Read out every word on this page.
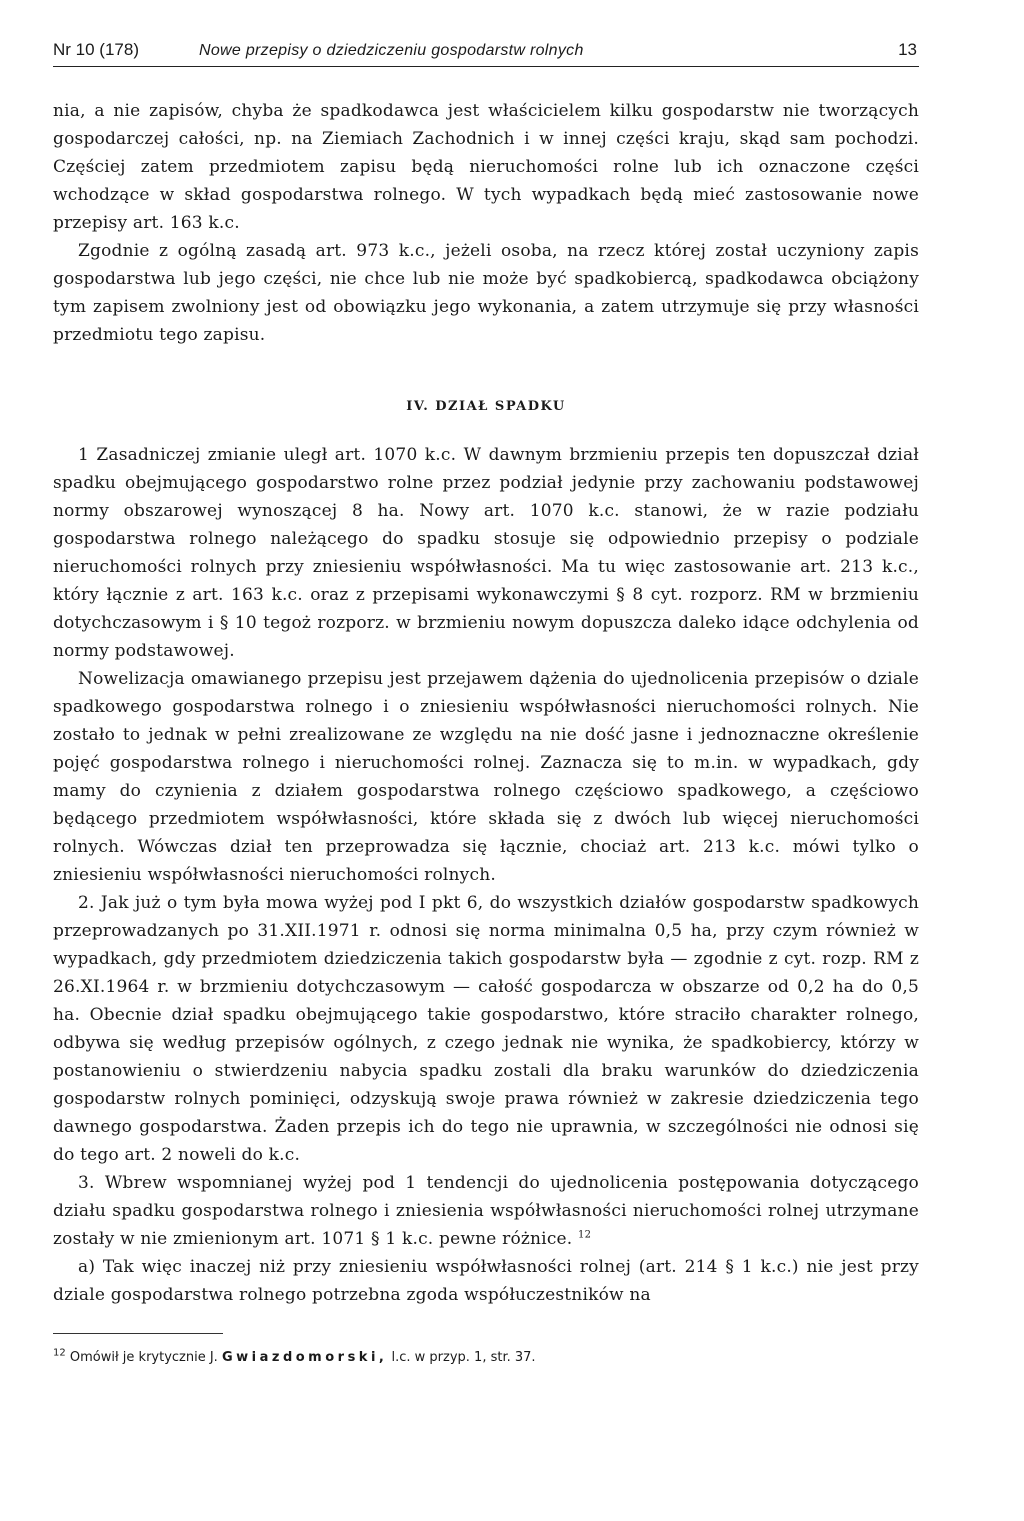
Nr 10 (178)	Nowe przepisy o dziedziczeniu gospodarstw rolnych	13

nia, a nie zapisów, chyba że spadkodawca jest właścicielem kilku gospodarstw nie tworzących gospodarczej całości, np. na Ziemiach Zachodnich i w innej części kraju, skąd sam pochodzi. Częściej zatem przedmiotem zapisu będą nieruchomości rolne lub ich oznaczone części wchodzące w skład gospodarstwa rolnego. W tych wypadkach będą mieć zastosowanie nowe przepisy art. 163 k.c.

Zgodnie z ogólną zasadą art. 973 k.c., jeżeli osoba, na rzecz której został uczyniony zapis gospodarstwa lub jego części, nie chce lub nie może być spadkobiercą, spadkodawca obciążony tym zapisem zwolniony jest od obowiązku jego wykonania, a zatem utrzymuje się przy własności przedmiotu tego zapisu.

IV. DZIAŁ SPADKU

1 Zasadniczej zmianie uległ art. 1070 k.c. W dawnym brzmieniu przepis ten dopuszczał dział spadku obejmującego gospodarstwo rolne przez podział jedynie przy zachowaniu podstawowej normy obszarowej wynoszącej 8 ha. Nowy art. 1070 k.c. stanowi, że w razie podziału gospodarstwa rolnego należącego do spadku stosuje się odpowiednio przepisy o podziale nieruchomości rolnych przy zniesieniu współwłasności. Ma tu więc zastosowanie art. 213 k.c., który łącznie z art. 163 k.c. oraz z przepisami wykonawczymi § 8 cyt. rozporz. RM w brzmieniu dotychczasowym i § 10 tegoż rozporz. w brzmieniu nowym dopuszcza daleko idące odchylenia od normy podstawowej.

Nowelizacja omawianego przepisu jest przejawem dążenia do ujednolicenia przepisów o dziale spadkowego gospodarstwa rolnego i o zniesieniu współwłasności nieruchomości rolnych. Nie zostało to jednak w pełni zrealizowane ze względu na nie dość jasne i jednoznaczne określenie pojęć gospodarstwa rolnego i nieruchomości rolnej. Zaznacza się to m.in. w wypadkach, gdy mamy do czynienia z działem gospodarstwa rolnego częściowo spadkowego, a częściowo będącego przedmiotem współwłasności, które składa się z dwóch lub więcej nieruchomości rolnych. Wówczas dział ten przeprowadza się łącznie, chociaż art. 213 k.c. mówi tylko o zniesieniu współwłasności nieruchomości rolnych.

2. Jak już o tym była mowa wyżej pod I pkt 6, do wszystkich działów gospodarstw spadkowych przeprowadzanych po 31.XII.1971 r. odnosi się norma minimalna 0,5 ha, przy czym również w wypadkach, gdy przedmiotem dziedziczenia takich gospodarstw była — zgodnie z cyt. rozp. RM z 26.XI.1964 r. w brzmieniu dotychczasowym — całość gospodarcza w obszarze od 0,2 ha do 0,5 ha. Obecnie dział spadku obejmującego takie gospodarstwo, które straciło charakter rolnego, odbywa się według przepisów ogólnych, z czego jednak nie wynika, że spadkobiercy, którzy w postanowieniu o stwierdzeniu nabycia spadku zostali dla braku warunków do dziedziczenia gospodarstw rolnych pominięci, odzyskują swoje prawa również w zakresie dziedziczenia tego dawnego gospodarstwa. Żaden przepis ich do tego nie uprawnia, w szczególności nie odnosi się do tego art. 2 noweli do k.c.

3. Wbrew wspomnianej wyżej pod 1 tendencji do ujednolicenia postępowania dotyczącego działu spadku gospodarstwa rolnego i zniesienia współwłasności nieruchomości rolnej utrzymane zostały w nie zmienionym art. 1071 § 1 k.c. pewne różnice. $^{12}$

a) Tak więc inaczej niż przy zniesieniu współwłasności rolnej (art. 214 § 1 k.c.) nie jest przy dziale gospodarstwa rolnego potrzebna zgoda współuczestników na

$^{12}$ Omówił je krytycznie J. Gwiazdomorski, l.c. w przyp. 1, str. 37.
